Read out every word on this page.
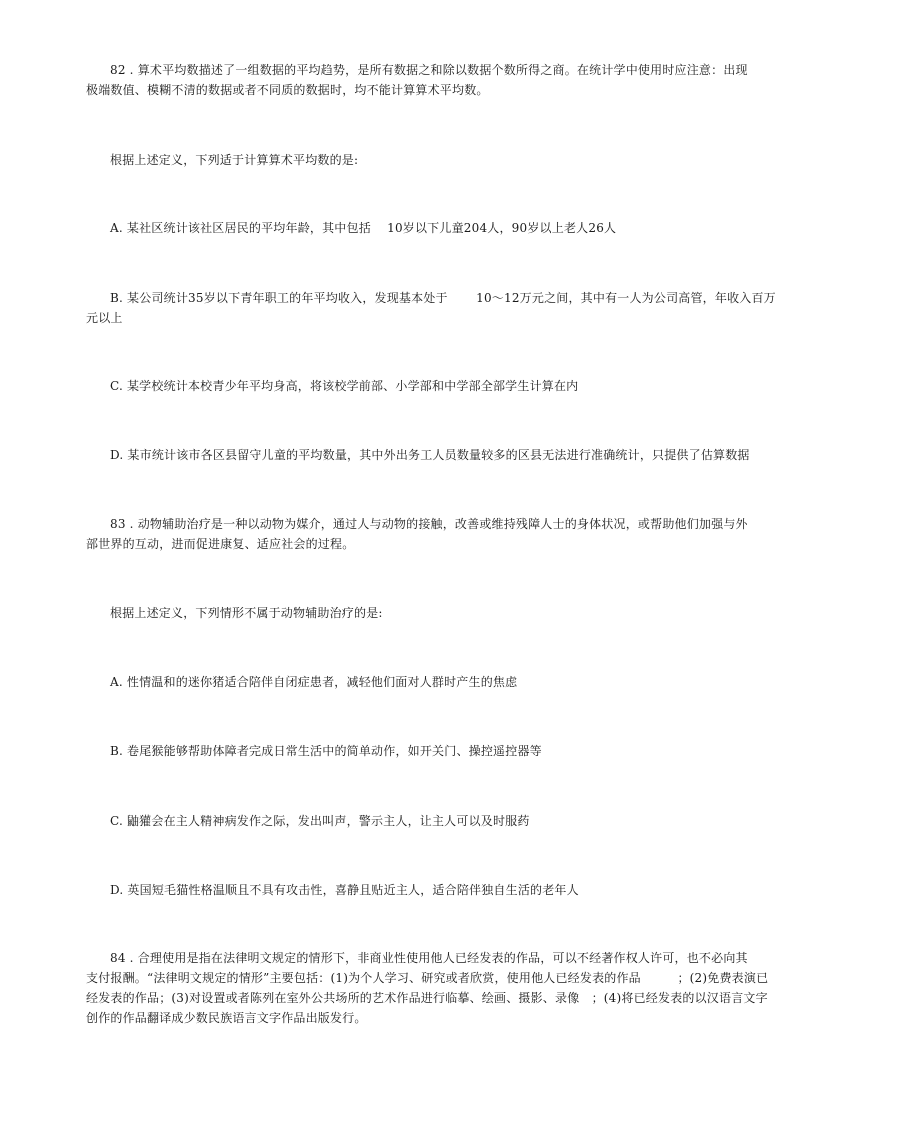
82 . 算术平均数描述了一组数据的平均趋势，是所有数据之和除以数据个数所得之商。在统计学中使用时应注意：出现
极端数值、模糊不清的数据或者不同质的数据时，均不能计算算术平均数。
根据上述定义，下列适于计算算术平均数的是:
A. 某社区统计该社区居民的平均年龄，其中包括　 10岁以下儿童204人，90岁以上老人26人
B. 某公司统计35岁以下青年职工的年平均收入，发现基本处于　　 10～12万元之间，其中有一人为公司高管，年收入百万
元以上
C. 某学校统计本校青少年平均身高，将该校学前部、小学部和中学部全部学生计算在内
D. 某市统计该市各区县留守儿童的平均数量，其中外出务工人员数量较多的区县无法进行准确统计，只提供了估算数据
83 . 动物辅助治疗是一种以动物为媒介，通过人与动物的接触，改善或维持残障人士的身体状况，或帮助他们加强与外
部世界的互动，进而促进康复、适应社会的过程。
根据上述定义，下列情形不属于动物辅助治疗的是:
A. 性情温和的迷你猪适合陪伴自闭症患者，减轻他们面对人群时产生的焦虑
B. 卷尾猴能够帮助体障者完成日常生活中的简单动作，如开关门、操控遥控器等
C. 鼬獾会在主人精神病发作之际，发出叫声，警示主人，让主人可以及时服药
D. 英国短毛猫性格温顺且不具有攻击性，喜静且贴近主人，适合陪伴独自生活的老年人
84 . 合理使用是指在法律明文规定的情形下，非商业性使用他人已经发表的作品，可以不经著作权人许可，也不必向其
支付报酬。“法律明文规定的情形”主要包括：(1)为个人学习、研究或者欣赏，使用他人已经发表的作品　　　；(2)免费表演已
经发表的作品；(3)对设置或者陈列在室外公共场所的艺术作品进行临摹、绘画、摄影、录像　；(4)将已经发表的以汉语言文字
创作的作品翻译成少数民族语言文字作品出版发行。
